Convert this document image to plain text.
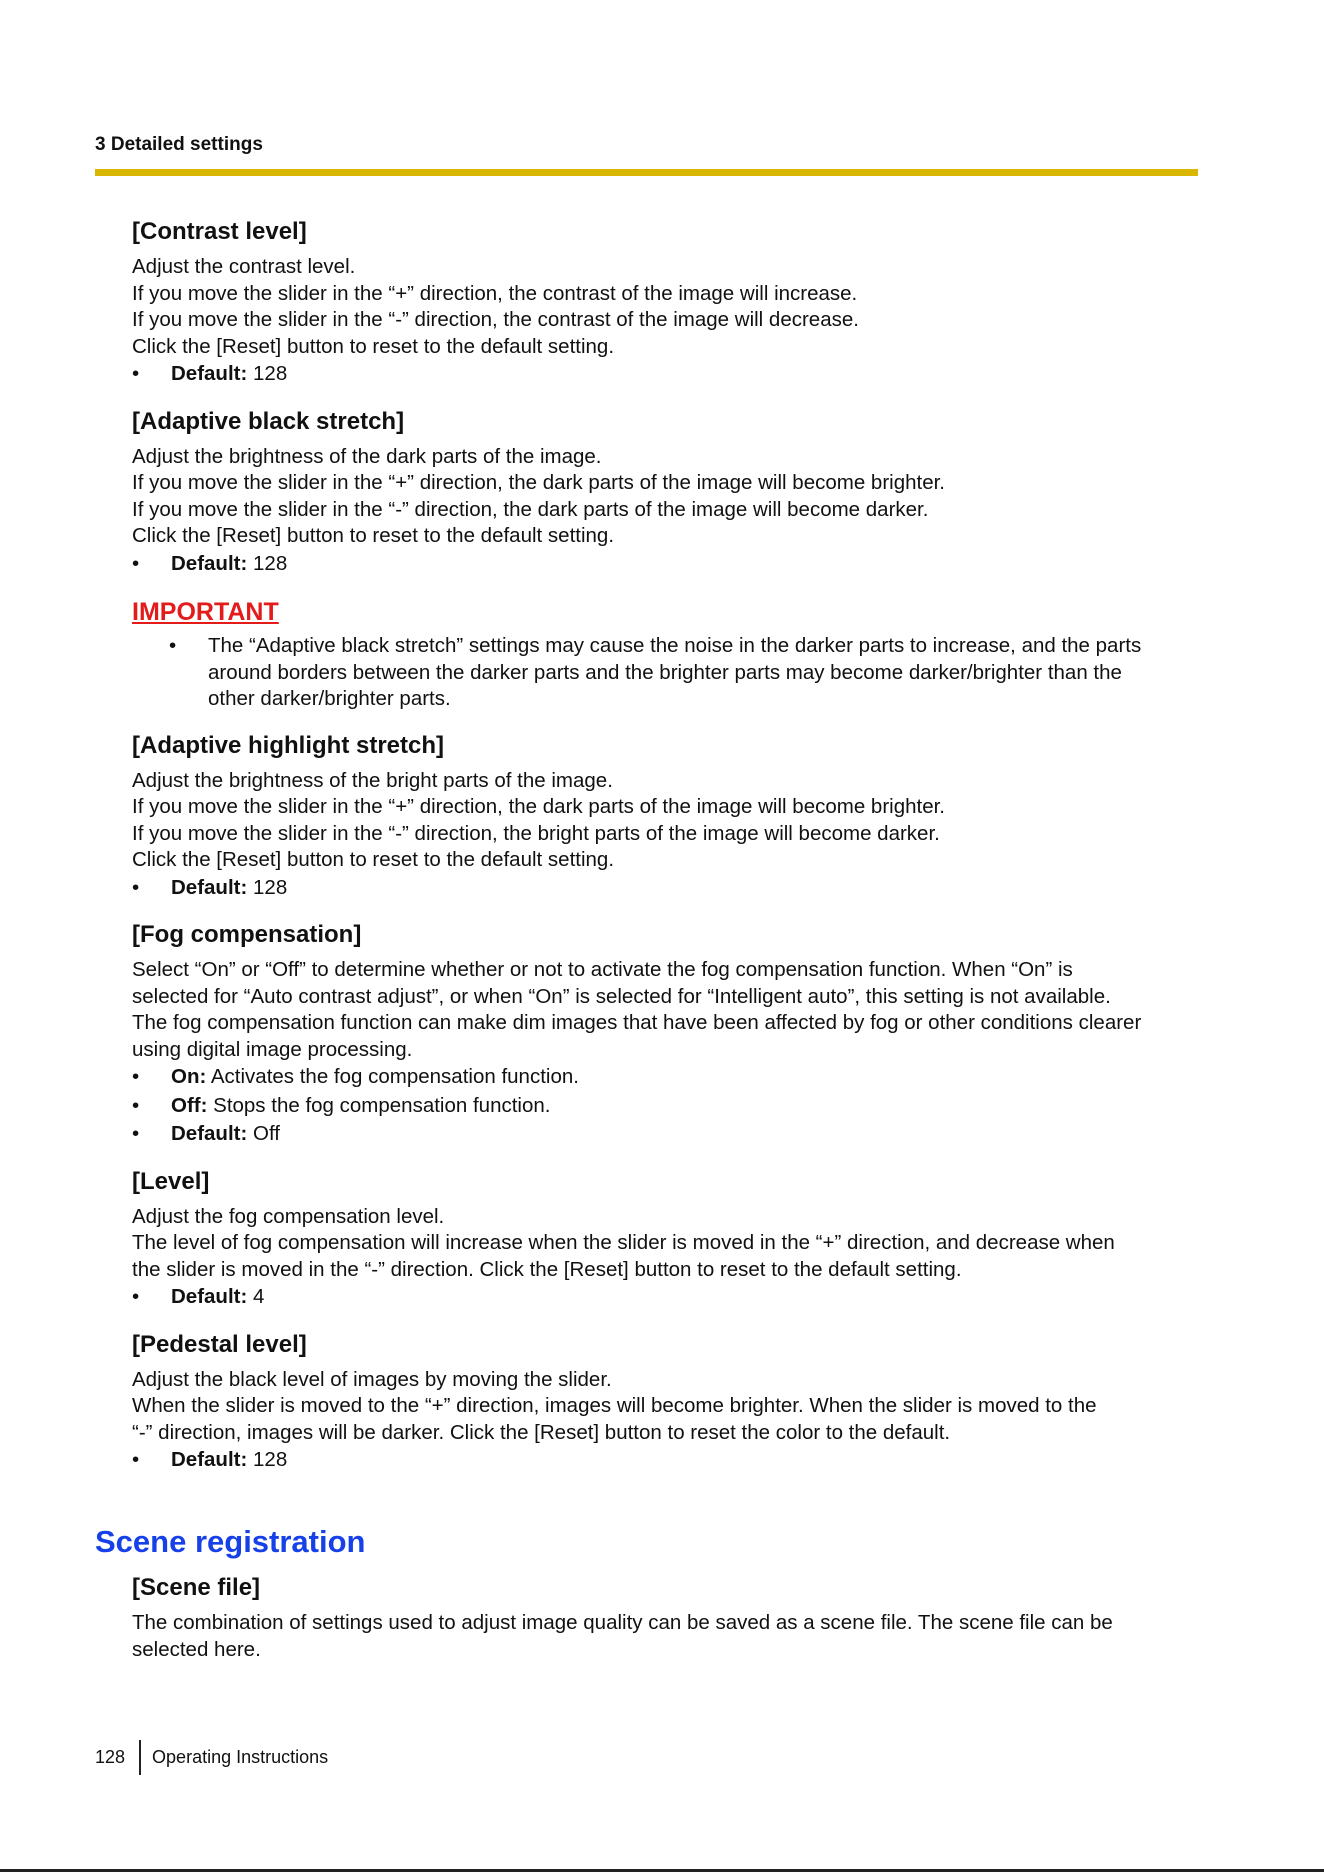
3 Detailed settings
[Contrast level]

Adjust the contrast level.

If you move the slider in the “+” direction, the contrast of the image will increase.

If you move the slider in the “-” direction, the contrast of the image will decrease.

Click the [Reset] button to reset to the default setting.

• Default: 128
[Adaptive black stretch]

Adjust the brightness of the dark parts of the image.

If you move the slider in the “+” direction, the dark parts of the image will become brighter.

If you move the slider in the “-” direction, the dark parts of the image will become darker.

Click the [Reset] button to reset to the default setting.

• Default: 128
IMPORTANT
• The “Adaptive black stretch” settings may cause the noise in the darker parts to increase, and the parts
around borders between the darker parts and the brighter parts may become darker/brighter than the
other darker/brighter parts.
[Adaptive highlight stretch]

Adjust the brightness of the bright parts of the image.

If you move the slider in the “+” direction, the dark parts of the image will become brighter.

If you move the slider in the “-” direction, the bright parts of the image will become darker.

Click the [Reset] button to reset to the default setting.

• Default: 128
[Fog compensation]

Select “On” or “Off” to determine whether or not to activate the fog compensation function. When “On” is

selected for “Auto contrast adjust”, or when “On” is selected for “Intelligent auto”, this setting is not available.

The fog compensation function can make dim images that have been affected by fog or other conditions clearer

using digital image processing.

• On: Activates the fog compensation function.
• Off: Stops the fog compensation function.
• Default: Off
[Level]

Adjust the fog compensation level.

The level of fog compensation will increase when the slider is moved in the “+” direction, and decrease when

the slider is moved in the “-” direction. Click the [Reset] button to reset to the default setting.

• Default: 4
[Pedestal level]

Adjust the black level of images by moving the slider.

When the slider is moved to the “+” direction, images will become brighter. When the slider is moved to the

“-” direction, images will be darker. Click the [Reset] button to reset the color to the default.

• Default: 128
Scene registration
[Scene file]

The combination of settings used to adjust image quality can be saved as a scene file. The scene file can be

selected here.

128 Operating Instructions
